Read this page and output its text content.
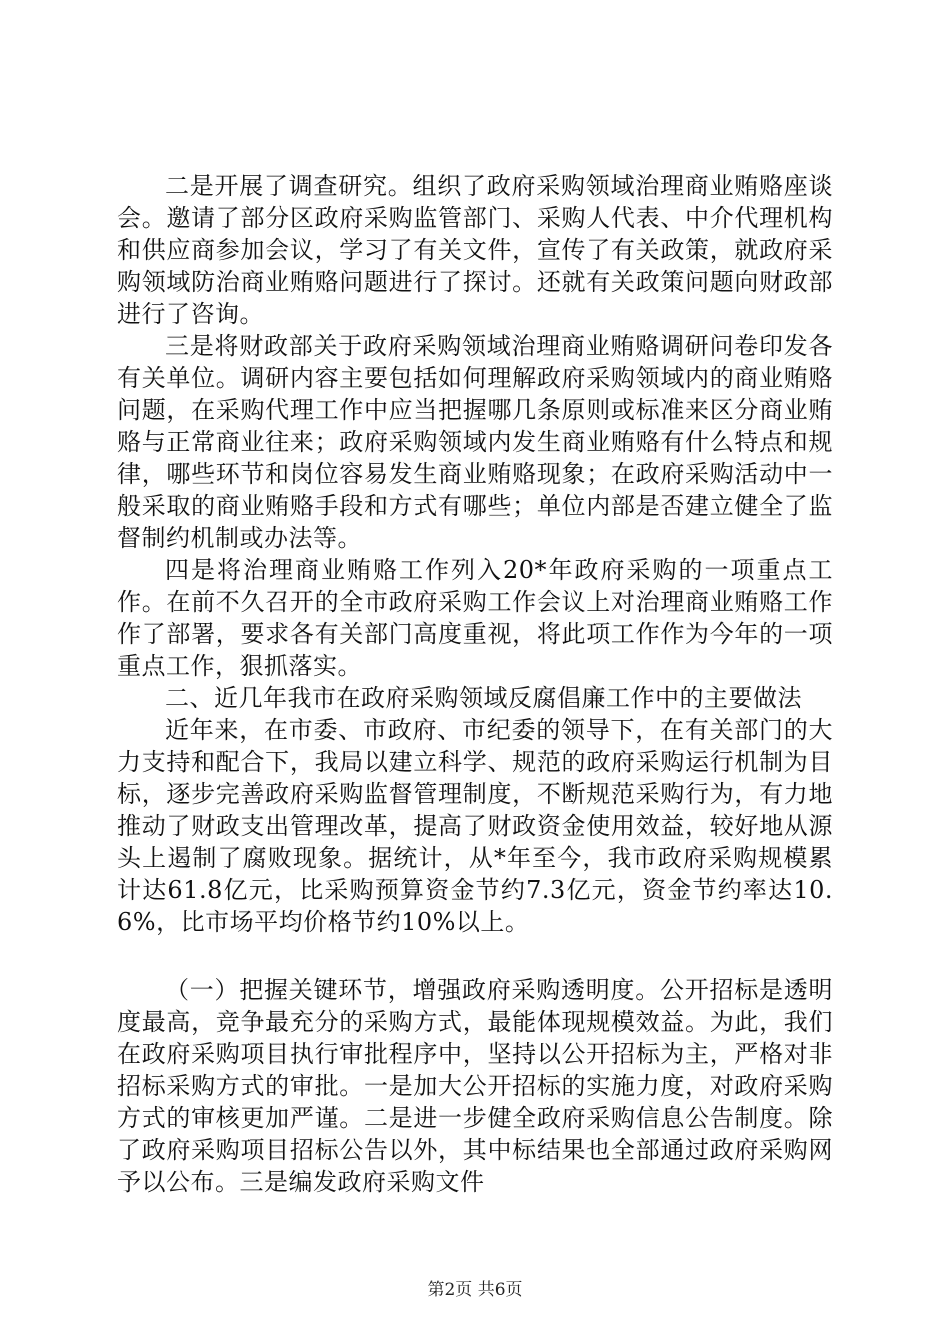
二是开展了调查研究。组织了政府采购领域治理商业贿赂座谈会。邀请了部分区政府采购监管部门、采购人代表、中介代理机构和供应商参加会议，学习了有关文件，宣传了有关政策，就政府采购领域防治商业贿赂问题进行了探讨。还就有关政策问题向财政部进行了咨询。

三是将财政部关于政府采购领域治理商业贿赂调研问卷印发各有关单位。调研内容主要包括如何理解政府采购领域内的商业贿赂问题，在采购代理工作中应当把握哪几条原则或标准来区分商业贿赂与正常商业往来；政府采购领域内发生商业贿赂有什么特点和规律，哪些环节和岗位容易发生商业贿赂现象；在政府采购活动中一般采取的商业贿赂手段和方式有哪些；单位内部是否建立健全了监督制约机制或办法等。

四是将治理商业贿赂工作列入20*年政府采购的一项重点工作。在前不久召开的全市政府采购工作会议上对治理商业贿赂工作作了部署，要求各有关部门高度重视，将此项工作作为今年的一项重点工作，狠抓落实。

二、近几年我市在政府采购领域反腐倡廉工作中的主要做法

近年来，在市委、市政府、市纪委的领导下，在有关部门的大力支持和配合下，我局以建立科学、规范的政府采购运行机制为目标，逐步完善政府采购监督管理制度，不断规范采购行为，有力地推动了财政支出管理改革，提高了财政资金使用效益，较好地从源头上遏制了腐败现象。据统计，从*年至今，我市政府采购规模累计达61.8亿元，比采购预算资金节约7.3亿元，资金节约率达10.6%，比市场平均价格节约10%以上。

（一）把握关键环节，增强政府采购透明度。公开招标是透明度最高，竞争最充分的采购方式，最能体现规模效益。为此，我们在政府采购项目执行审批程序中，坚持以公开招标为主，严格对非招标采购方式的审批。一是加大公开招标的实施力度，对政府采购方式的审核更加严谨。二是进一步健全政府采购信息公告制度。除了政府采购项目招标公告以外，其中标结果也全部通过政府采购网予以公布。三是编发政府采购文件

第2页 共6页
